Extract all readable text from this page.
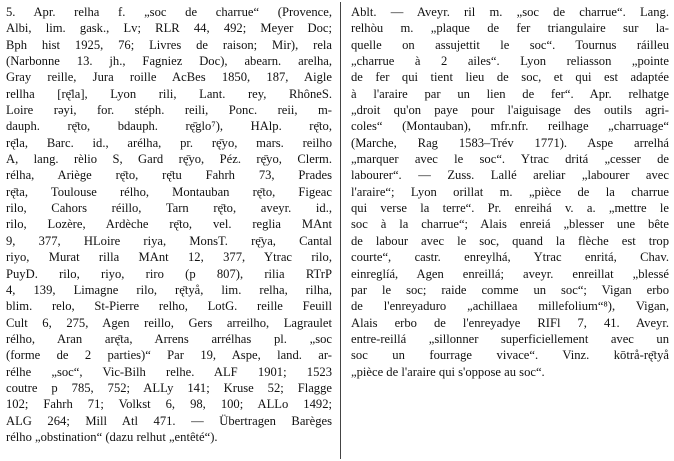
5. Apr. relha f. „soc de charrue“ (Provence,
Albi, lim. gask., Lv; RLR 44, 492; Meyer Doc;
Bph hist 1925, 76; Livres de raison; Mir), rela
(Narbonne 13. jh., Fagniez Doc), abearn. arelha,
Gray reille, Jura roille AcBes 1850, 187, Aigle
rellha [rę̄la], Lyon rili, Lant. rey, RhôneS.
Loire rəyi, for. stéph. reili, Ponc. reii, m-
dauph. rę̄to, bdauph. rę̄glo⁷), HAlp. rę̄to,
rę̄la, Barc. id., arélha, pr. rę̄yo, mars. reilho
A, lang. rèlio S, Gard rę̄yo, Péz. rę̄yo, Clerm.
rélha, Ariège rę̄to, rę̄tu Fahrh 73, Prades
rę̄ta, Toulouse rélho, Montauban rę̄to, Figeac
rilo, Cahors réillo, Tarn rę̄to, aveyr. id.,
rilo, Lozère, Ardèche rę̄to, vel. reglia MAnt
9, 377, HLoire riya, MonsT. rę̄ya, Cantal
riyo, Murat rilla MAnt 12, 377, Ytrac rilo,
PuyD. rilo, riyo, riro (p 807), rilia RTrP
4, 139, Limagne rilo, rę̄tyå, lim. relha, rilha,
blim. relo, St-Pierre relho, LotG. reille Feuill
Cult 6, 275, Agen reillo, Gers arreilho, Lagraulet
rélho, Aran arę̄ta, Arrens arrélhas pl. „soc
(forme de 2 parties)“ Par 19, Aspe, land. ar-
rélhe „soc“, Vic-Bilh relhe. ALF 1901; 1523
coutre p 785, 752; ALLy 141; Kruse 52; Flagge
102; Fahrh 71; Volkst 6, 98, 100; ALLo 1492;
ALG 264; Mill Atl 471. — Übertragen Barèges
rélho „obstination“ (dazu relhut „entêté“).
Ablt. — Aveyr. ril m. „soc de charrue“. Lang.
relhòu m. „plaque de fer triangulaire sur la-
quelle on assujettit le soc“. Tournus ráilleu
„charrue à 2 ailes“. Lyon reliasson „pointe
de fer qui tient lieu de soc, et qui est adaptée
à l'araire par un lien de fer“. Apr. relhatge
„droit qu'on paye pour l'aiguisage des outils agri-
coles“ (Montauban), mfr.nfr. reilhage „charruage“
(Marche, Rag 1583–Trév 1771). Aspe arrelhá
„marquer avec le soc“. Ytrac dritá „cesser de
labourer“. — Zuss. Lallé areliar „labourer avec
l'araire“; Lyon orillat m. „pièce de la charrue
qui verse la terre“. Pr. enreihá v. a. „mettre le
soc à la charrue“; Alais enreiá „blesser une bête
de labour avec le soc, quand la flèche est trop
courte“, castr. enreylhá, Ytrac enritá, Chav.
einreglíá, Agen enreillá; aveyr. enreillat „blessé
par le soc; raide comme un soc“; Vigan erbo
de l'enreyaduro „achillaea millefolium“⁸), Vigan,
Alais erbo de l'enreyadye RIFl 7, 41. Aveyr.
entre-reillá „sillonner superficiellement avec un
soc un fourrage vivace“. Vinz. kōtrå-rę̄tyå
„pièce de l'araire qui s'oppose au soc“.
